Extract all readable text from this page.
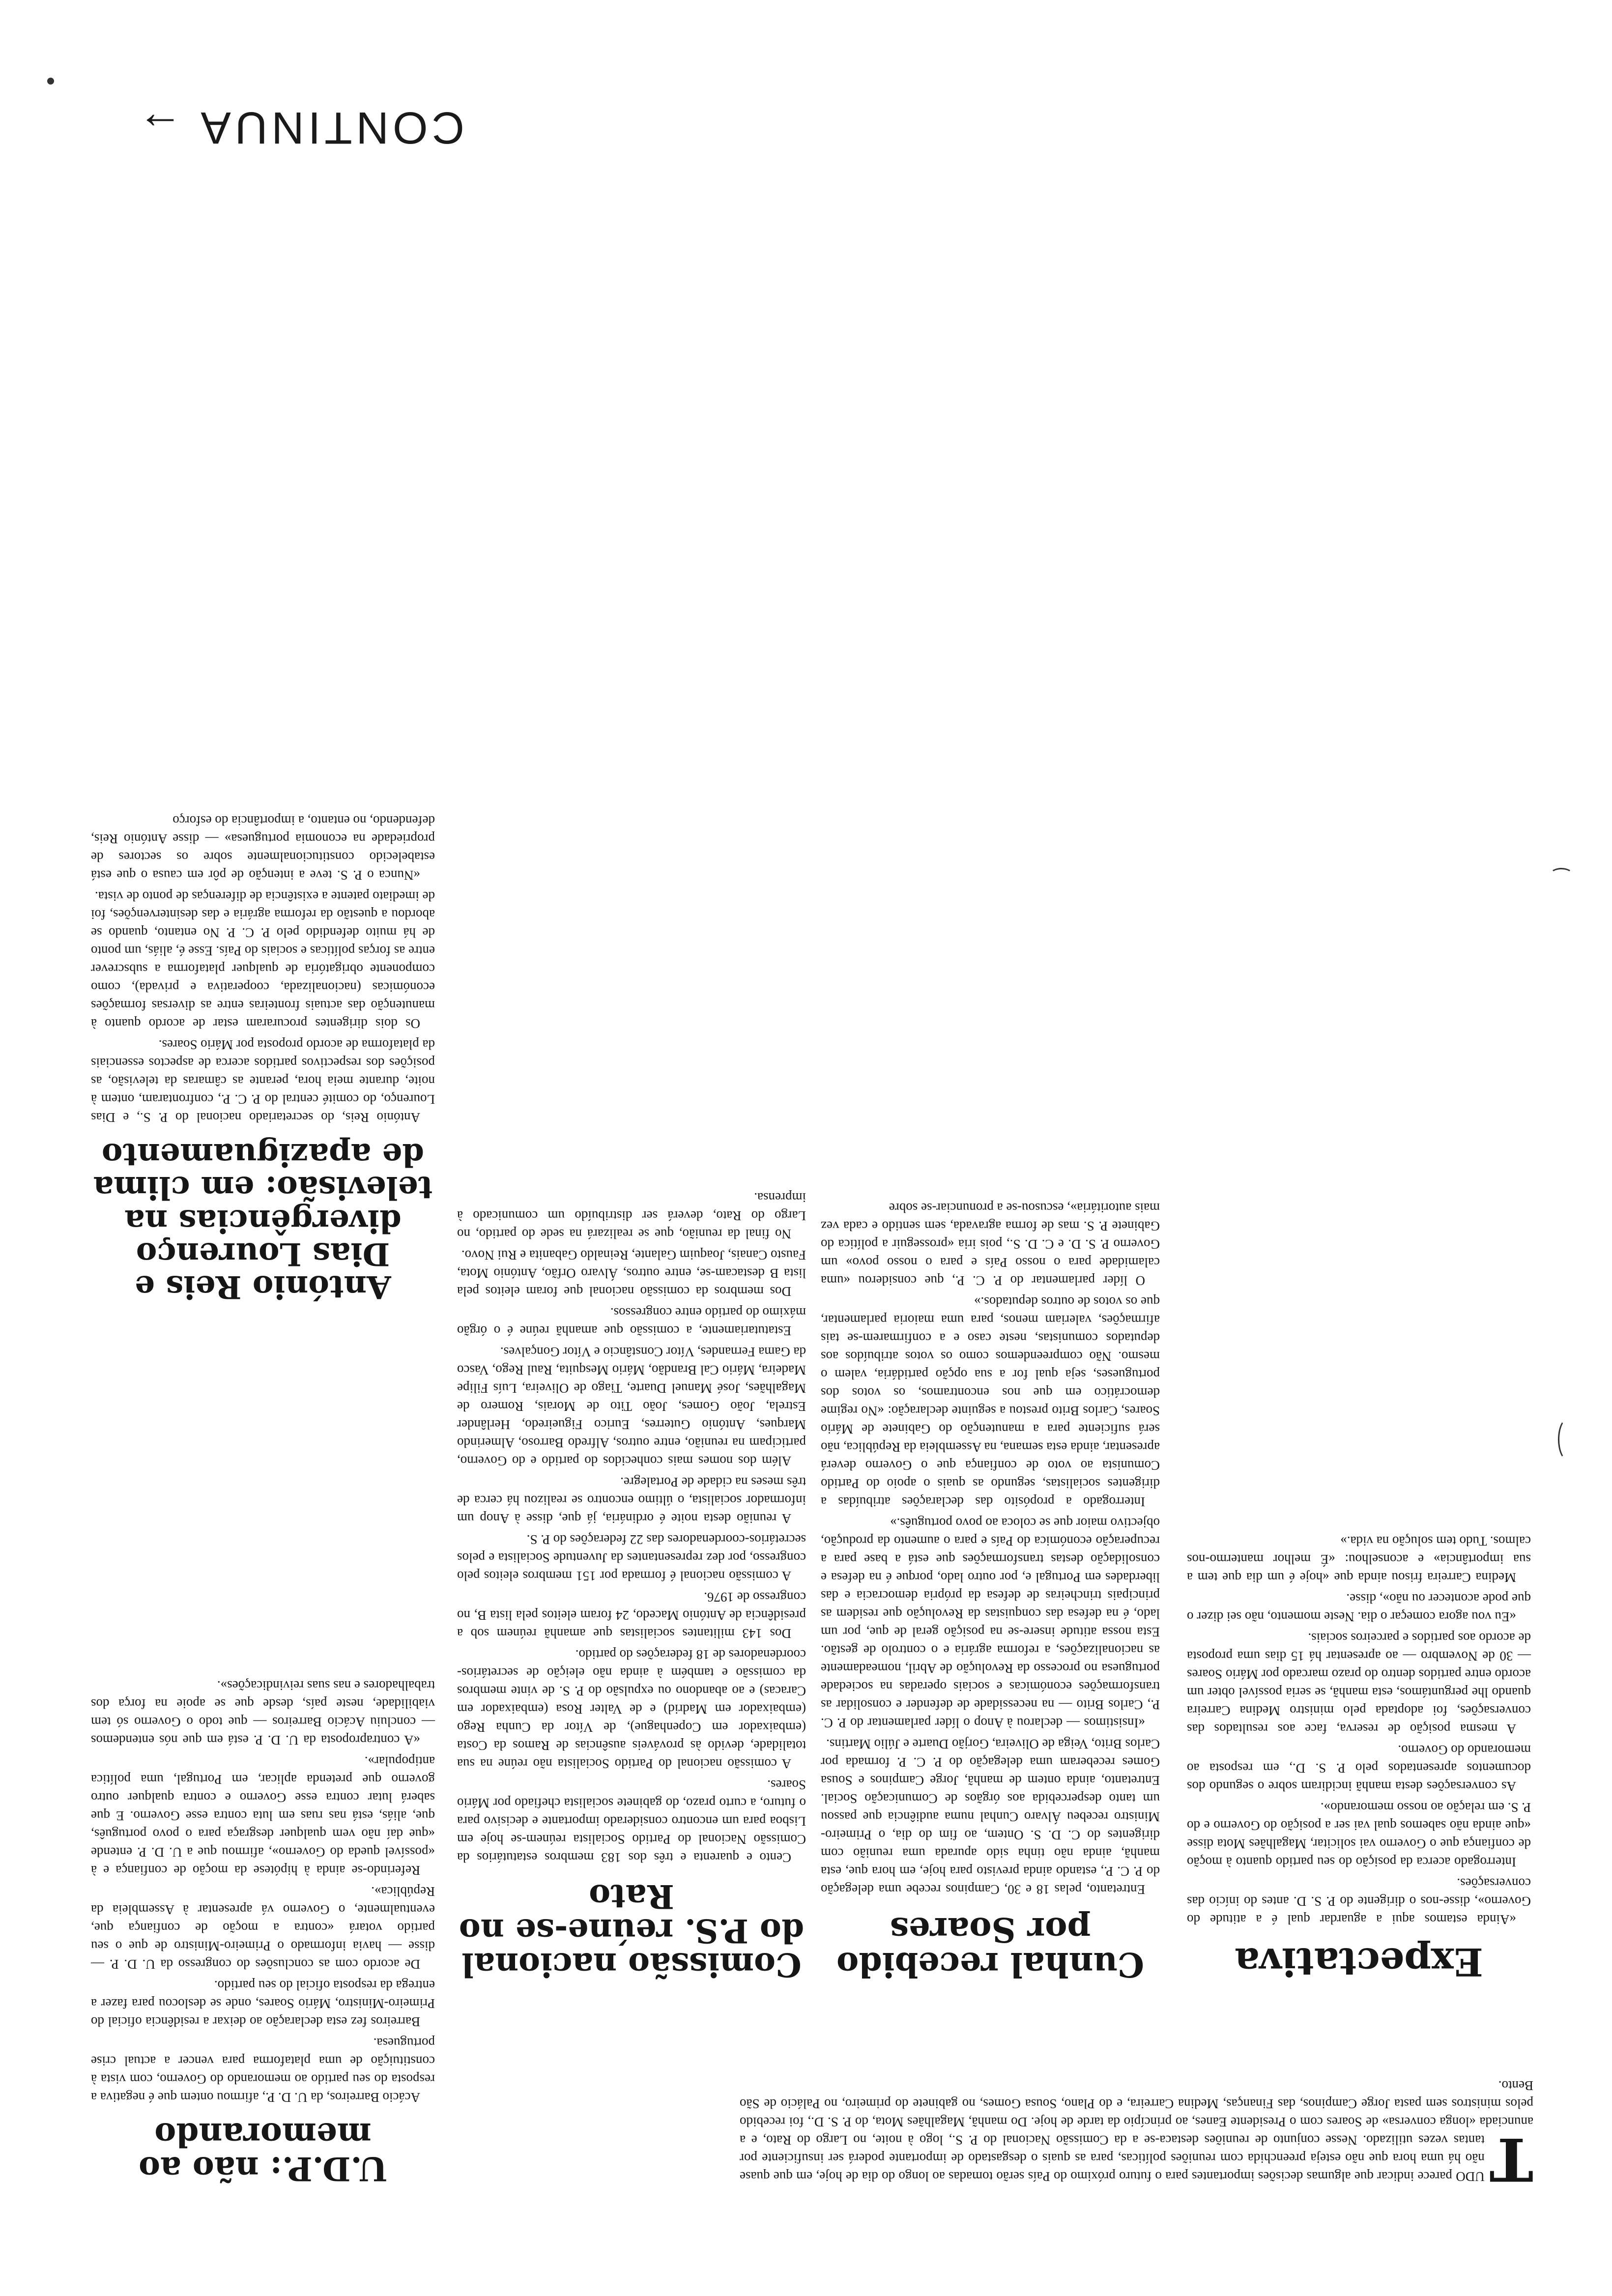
T
UDO parece indicar que algumas decisões importantes para o futuro próximo do País serão tomadas ao longo do dia de hoje, em que quase não há uma hora que não esteja preenchida com reuniões políticas, para as quais o desgastado de importante poderá ser insuficiente por tantas vezes utilizado. Nesse conjunto de reuniões destaca-se a da Comissão Nacional do P. S., logo à noite, no Largo do Rato, e a anunciada «longa conversa» de Soares com o Presidente Eanes, ao princípio da tarde de hoje. Do manhã, Magalhães Mota, do P. S. D., foi recebido pelos ministros sem pasta Jorge Campinos, das Finanças, Medina Carreira, e do Plano, Sousa Gomes, no gabinete do primeiro, no Palácio de São Bento.
U.D.P.: não ao memorando

Acácio Barreiros, da U. D. P., afirmou ontem que é negativa a resposta do seu partido ao memorando do Governo, com vista à constituição de uma plataforma para vencer a actual crise portuguesa.

Barreiros fez esta declaração ao deixar a residência oficial do Primeiro-Ministro, Mário Soares, onde se deslocou para fazer a entrega da resposta oficial do seu partido.

De acordo com as conclusões do congresso da U. D. P. — disse — havia informado o Primeiro-Ministro de que o seu partido votará «contra a moção de confiança que, eventualmente, o Governo vá apresentar à Assembleia da República».

Referindo-se ainda à hipótese da moção de confiança e à «possível queda do Governo», afirmou que a U. D. P. entende «que daí não vem qualquer desgraça para o povo português, que, aliás, está nas ruas em luta contra esse Governo. E que saberá lutar contra esse Governo e contra qualquer outro governo que pretenda aplicar, em Portugal, uma política antipopular».

«A contraproposta da U. D. P. está em que nós entendemos — concluiu Acácio Barreiros — que todo o Governo só tem viabilidade, neste país, desde que se apoie na força dos trabalhadores e nas suas reivindicações».

António Reis e Dias Lourenço divergências na televisão: em clima de apaziguamento

António Reis, do secretariado nacional do P. S., e Dias Lourenço, do comité central do P. C. P., confrontaram, ontem à noite, durante meia hora, perante as câmaras da televisão, as posições dos respectivos partidos acerca de aspectos essenciais da plataforma de acordo proposta por Mário Soares.

Os dois dirigentes procuraram estar de acordo quanto à manutenção das actuais fronteiras entre as diversas formações económicas (nacionalizada, cooperativa e privada), como componente obrigatória de qualquer plataforma a subscrever entre as forças políticas e sociais do País. Esse é, aliás, um ponto de há muito defendido pelo P. C. P. No entanto, quando se abordou a questão da reforma agrária e das desintervenções, foi de imediato patente a existência de diferenças de ponto de vista.

«Nunca o P. S. teve a intenção de pôr em causa o que está estabelecido constitucionalmente sobre os sectores de propriedade na economia portuguesa» — disse António Reis, defendendo, no entanto, a importância do esforço

Comissão nacional do P.S. reúne-se no Rato

Cento e quarenta e três dos 183 membros estatutários da Comissão Nacional do Partido Socialista reúnem-se hoje em Lisboa para um encontro considerado importante e decisivo para o futuro, a curto prazo, do gabinete socialista chefiado por Mário Soares.

A comissão nacional do Partido Socialista não reúne na sua totalidade, devido às prováveis ausências de Ramos da Costa (embaixador em Copenhague), de Vítor da Cunha Rego (embaixador em Madrid) e de Valter Rosa (embaixador em Caracas) e ao abandono ou expulsão do P. S. de vinte membros da comissão e também à ainda não eleição de secretários-coordenadores de 18 federações do partido.

Dos 143 militantes socialistas que amanhã reúnem sob a presidência de António Macedo, 24 foram eleitos pela lista B, no congresso de 1976.

A comissão nacional é formada por 151 membros eleitos pelo congresso, por dez representantes da Juventude Socialista e pelos secretários-coordenadores das 22 federações do P. S.

A reunião desta noite é ordinária, já que, disse à Anop um informador socialista, o último encontro se realizou há cerca de três meses na cidade de Portalegre.

Além dos nomes mais conhecidos do partido e do Governo, participam na reunião, entre outros, Alfredo Barroso, Almerindo Marques, António Guterres, Eurico Figueiredo, Herlânder Estrela, João Gomes, João Tito de Morais, Romero de Magalhães, José Manuel Duarte, Tiago de Oliveira, Luís Filipe Madeira, Mário Cal Brandão, Mário Mesquita, Raul Rego, Vasco da Gama Fernandes, Vítor Constâncio e Vítor Gonçalves.

Estatutariamente, a comissão que amanhã reúne é o órgão máximo do partido entre congressos.

Dos membros da comissão nacional que foram eleitos pela lista B destacam-se, entre outros, Álvaro Orfão, António Mota, Fausto Canais, Joaquim Galante, Reinaldo Gabanita e Rui Novo.

No final da reunião, que se realizará na sede do partido, no Largo do Rato, deverá ser distribuído um comunicado à imprensa.

Cunhal recebido por Soares

Entretanto, pelas 18 e 30, Campinos recebe uma delegação do P. C. P., estando ainda previsto para hoje, em hora que, esta manhã, ainda não tinha sido apurada uma reunião com dirigentes do C. D. S. Ontem, ao fim do dia, o Primeiro-Ministro recebeu Álvaro Cunhal numa audiência que passou um tanto despercebida aos órgãos de Comunicação Social. Entretanto, ainda ontem de manhã, Jorge Campinos e Sousa Gomes receberam uma delegação do P. C. P. formada por Carlos Brito, Veiga de Oliveira, Gorjão Duarte e Júlio Martins.

«Insistimos — declarou à Anop o líder parlamentar do P. C. P., Carlos Brito — na necessidade de defender e consolidar as transformações económicas e sociais operadas na sociedade portuguesa no processo da Revolução de Abril, nomeadamente as nacionalizações, a reforma agrária e o controlo de gestão. Esta nossa atitude insere-se na posição geral de que, por um lado, é na defesa das conquistas da Revolução que residem as principais trincheiras de defesa da própria democracia e das liberdades em Portugal e, por outro lado, porque é na defesa e consolidação destas transformações que está a base para a recuperação económica do País e para o aumento da produção, objectivo maior que se coloca ao povo português.»

Interrogado a propósito das declarações atribuídas a dirigentes socialistas, segundo as quais o apoio do Partido Comunista ao voto de confiança que o Governo deverá apresentar, ainda esta semana, na Assembleia da República, não será suficiente para a manutenção do Gabinete de Mário Soares, Carlos Brito prestou a seguinte declaração: «No regime democrático em que nos encontramos, os votos dos portugueses, seja qual for a sua opção partidária, valem o mesmo. Não compreendemos como os votos atribuídos aos deputados comunistas, neste caso e a confirmarem-se tais afirmações, valeriam menos, para uma maioria parlamentar, que os votos de outros deputados.»

O líder parlamentar do P. C. P., que considerou «uma calamidade para o nosso País e para o nosso povo» um Governo P. S. D. e C. D. S., pois iria «prosseguir a política do Gabinete P. S. mas de forma agravada, sem sentido e cada vez mais autoritária», escusou-se a pronunciar-se sobre

Expectativa

«Ainda estamos aqui a aguardar qual é a atitude do Governo», disse-nos o dirigente do P. S. D. antes do início das conversações.

Interrogado acerca da posição do seu partido quanto à moção de confiança que o Governo vai solicitar, Magalhães Mota disse «que ainda não sabemos qual vai ser a posição do Governo e do P. S. em relação ao nosso memorando».

As conversações desta manhã incidiram sobre o segundo dos documentos apresentados pelo P. S. D., em resposta ao memorando do Governo.

A mesma posição de reserva, face aos resultados das conversações, foi adoptada pelo ministro Medina Carreira quando lhe perguntámos, esta manhã, se seria possível obter um acordo entre partidos dentro do prazo marcado por Mário Soares — 30 de Novembro — ao apresentar há 15 dias uma proposta de acordo aos partidos e parceiros sociais.

«Eu vou agora começar o dia. Neste momento, não sei dizer o que pode acontecer ou não», disse.

Medina Carreira frisou ainda que «hoje é um dia que tem a sua importância» e aconselhou: «É melhor mantermo-nos calmos. Tudo tem solução na vida.»

CONTINUA →
